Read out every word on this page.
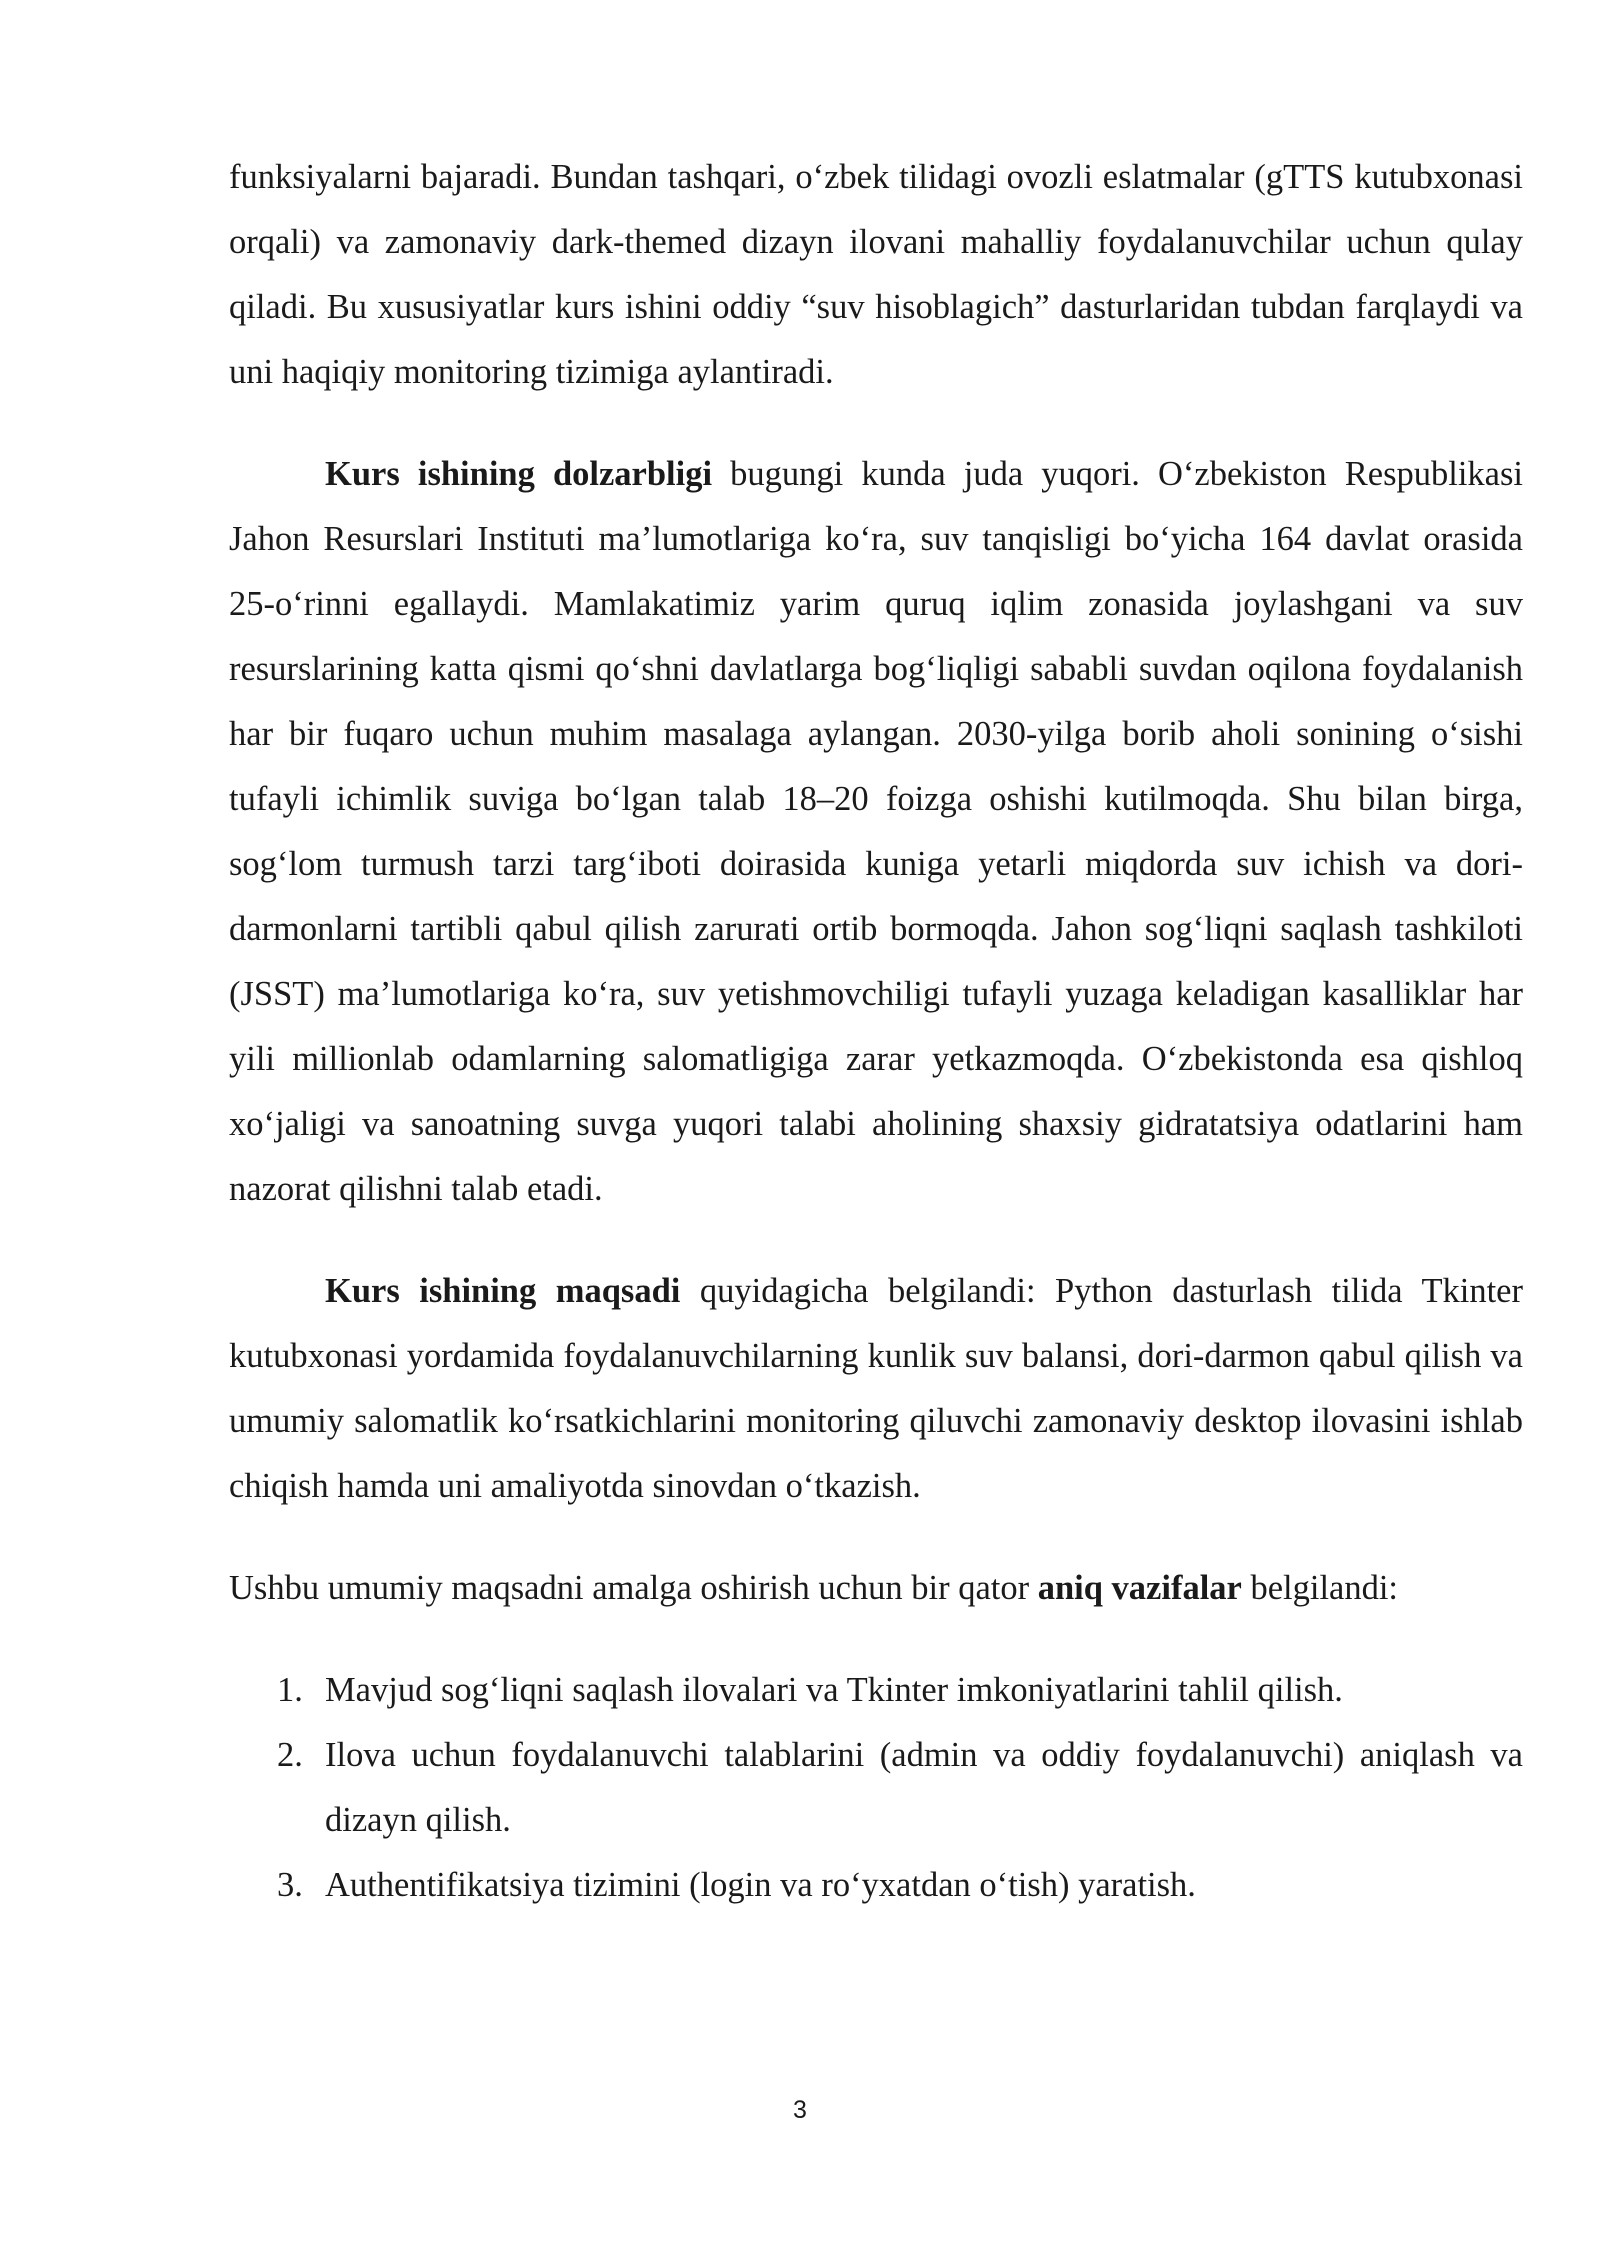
funksiyalarni bajaradi. Bundan tashqari, o‘zbek tilidagi ovozli eslatmalar (gTTS kutubxonasi orqali) va zamonaviy dark-themed dizayn ilovani mahalliy foydalanuvchilar uchun qulay qiladi. Bu xususiyatlar kurs ishini oddiy “suv hisoblagich” dasturlaridan tubdan farqlaydi va uni haqiqiy monitoring tizimiga aylantiradi.

Kurs ishining dolzarbligi bugungi kunda juda yuqori. O‘zbekiston Respublikasi Jahon Resurslari Instituti ma’lumotlariga ko‘ra, suv tanqisligi bo‘yicha 164 davlat orasida 25-o‘rinni egallaydi. Mamlakatimiz yarim quruq iqlim zonasida joylashgani va suv resurslarining katta qismi qo‘shni davlatlarga bog‘liqligi sababli suvdan oqilona foydalanish har bir fuqaro uchun muhim masalaga aylangan. 2030-yilga borib aholi sonining o‘sishi tufayli ichimlik suviga bo‘lgan talab 18–20 foizga oshishi kutilmoqda. Shu bilan birga, sog‘lom turmush tarzi targ‘iboti doirasida kuniga yetarli miqdorda suv ichish va dori-darmonlarni tartibli qabul qilish zarurati ortib bormoqda. Jahon sog‘liqni saqlash tashkiloti (JSST) ma’lumotlariga ko‘ra, suv yetishmovchiligi tufayli yuzaga keladigan kasalliklar har yili millionlab odamlarning salomatligiga zarar yetkazmoqda. O‘zbekistonda esa qishloq xo‘jaligi va sanoatning suvga yuqori talabi aholining shaxsiy gidratatsiya odatlarini ham nazorat qilishni talab etadi.

Kurs ishining maqsadi quyidagicha belgilandi: Python dasturlash tilida Tkinter kutubxonasi yordamida foydalanuvchilarning kunlik suv balansi, dori-darmon qabul qilish va umumiy salomatlik ko‘rsatkichlarini monitoring qiluvchi zamonaviy desktop ilovasini ishlab chiqish hamda uni amaliyotda sinovdan o‘tkazish.

Ushbu umumiy maqsadni amalga oshirish uchun bir qator aniq vazifalar belgilandi:

1. Mavjud sog‘liqni saqlash ilovalari va Tkinter imkoniyatlarini tahlil qilish.
2. Ilova uchun foydalanuvchi talablarini (admin va oddiy foydalanuvchi) aniqlash va dizayn qilish.
3. Authentifikatsiya tizimini (login va ro‘yxatdan o‘tish) yaratish.
3
